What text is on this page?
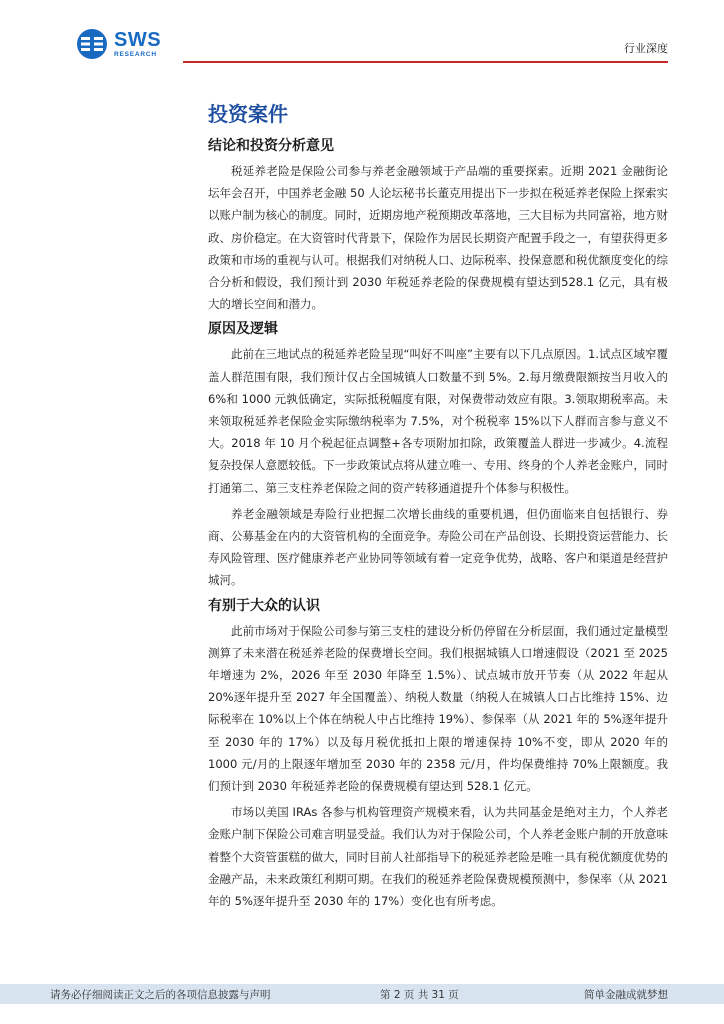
SWS
RESEARCH	行业深度
投资案件
结论和投资分析意见

税延养老险是保险公司参与养老金融领域于产品端的重要探索。近期 2021 金融街论坛年会召开，中国养老金融 50 人论坛秘书长董克用提出下一步拟在税延养老保险上探索实以账户制为核心的制度。同时，近期房地产税预期改革落地，三大目标为共同富裕，地方财政、房价稳定。在大资管时代背景下，保险作为居民长期资产配置手段之一，有望获得更多政策和市场的重视与认可。根据我们对纳税人口、边际税率、投保意愿和税优额度变化的综合分析和假设，我们预计到 2030 年税延养老险的保费规模有望达到528.1 亿元，具有极大的增长空间和潜力。

原因及逻辑

此前在三地试点的税延养老险呈现“叫好不叫座”主要有以下几点原因。1.试点区域窄覆盖人群范围有限，我们预计仅占全国城镇人口数量不到 5%。2.每月缴费限额按当月收入的 6%和 1000 元孰低确定，实际抵税幅度有限，对保费带动效应有限。3.领取期税率高。未来领取税延养老保险金实际缴纳税率为 7.5%，对个税税率 15%以下人群而言参与意义不大。2018 年 10 月个税起征点调整+各专项附加扣除，政策覆盖人群进一步减少。4.流程复杂投保人意愿较低。下一步政策试点将从建立唯一、专用、终身的个人养老金账户，同时打通第二、第三支柱养老保险之间的资产转移通道提升个体参与积极性。

养老金融领域是寿险行业把握二次增长曲线的重要机遇，但仍面临来自包括银行、券商、公募基金在内的大资管机构的全面竞争。寿险公司在产品创设、长期投资运营能力、长寿风险管理、医疗健康养老产业协同等领域有着一定竞争优势，战略、客户和渠道是经营护城河。

有别于大众的认识

此前市场对于保险公司参与第三支柱的建设分析仍停留在分析层面，我们通过定量模型测算了未来潜在税延养老险的保费增长空间。我们根据城镇人口增速假设（2021 至 2025 年增速为 2%，2026 年至 2030 年降至 1.5%）、试点城市放开节奏（从 2022 年起从 20%逐年提升至 2027 年全国覆盖）、纳税人数量（纳税人在城镇人口占比维持 15%、边际税率在 10%以上个体在纳税人中占比维持 19%）、参保率（从 2021 年的 5%逐年提升至 2030 年的 17%）以及每月税优抵扣上限的增速保持 10%不变，即从 2020 年的 1000 元/月的上限逐年增加至 2030 年的 2358 元/月，件均保费维持 70%上限额度。我们预计到 2030 年税延养老险的保费规模有望达到 528.1 亿元。

市场以美国 IRAs 各参与机构管理资产规模来看，认为共同基金是绝对主力，个人养老金账户制下保险公司难言明显受益。我们认为对于保险公司，个人养老金账户制的开放意味着整个大资管蛋糕的做大，同时目前人社部指导下的税延养老险是唯一具有税优额度优势的金融产品，未来政策红利期可期。在我们的税延养老险保费规模预测中，参保率（从 2021 年的 5%逐年提升至 2030 年的 17%）变化也有所考虑。

请务必仔细阅读正文之后的各项信息披露与声明	第 2 页 共 31 页	简单金融成就梦想
